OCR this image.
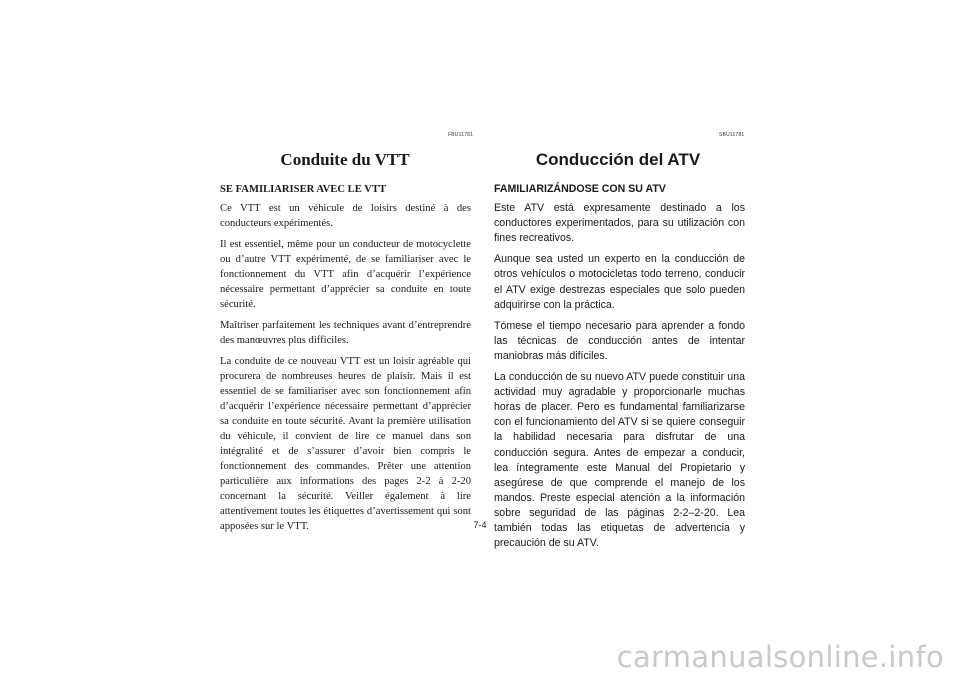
FBU11781
Conduite du VTT
SE FAMILIARISER AVEC LE VTT

Ce VTT est un véhicule de loisirs destiné à des conducteurs expérimentés.

Il est essentiel, même pour un conducteur de motocyclette ou d’autre VTT expérimenté, de se familiariser avec le fonctionnement du VTT afin d’acquérir l’expérience nécessaire permettant d’apprécier sa conduite en toute sécurité.

Maîtriser parfaitement les techniques avant d’entreprendre des manœuvres plus difficiles.

La conduite de ce nouveau VTT est un loisir agréable qui procurera de nombreuses heures de plaisir. Mais il est essentiel de se familiariser avec son fonctionnement afin d’acquérir l’expérience nécessaire permettant d’apprécier sa conduite en toute sécurité. Avant la première utilisation du véhicule, il convient de lire ce manuel dans son intégralité et de s’assurer d’avoir bien compris le fonctionnement des commandes. Prêter une attention particulière aux informations des pages 2-2 à 2-20 concernant la sécurité. Veiller également à lire attentivement toutes les étiquettes d’avertissement qui sont apposées sur le VTT.

SBU11781
Conducción del ATV
FAMILIARIZÁNDOSE CON SU ATV

Este ATV está expresamente destinado a los conductores experimentados, para su utilización con fines recreativos.

Aunque sea usted un experto en la conducción de otros vehículos o motocicletas todo terreno, conducir el ATV exige destrezas especiales que solo pueden adquirirse con la práctica.

Tómese el tiempo necesario para aprender a fondo las técnicas de conducción antes de intentar maniobras más difíciles.

La conducción de su nuevo ATV puede constituir una actividad muy agradable y proporcionarle muchas horas de placer. Pero es fundamental familiarizarse con el funcionamiento del ATV si se quiere conseguir la habilidad necesaria para disfrutar de una conducción segura. Antes de empezar a conducir, lea íntegramente este Manual del Propietario y asegúrese de que comprende el manejo de los mandos. Preste especial atención a la información sobre seguridad de las páginas 2-2–2-20. Lea también todas las etiquetas de advertencia y precaución de su ATV.

7-4
carmanualsonline.info
